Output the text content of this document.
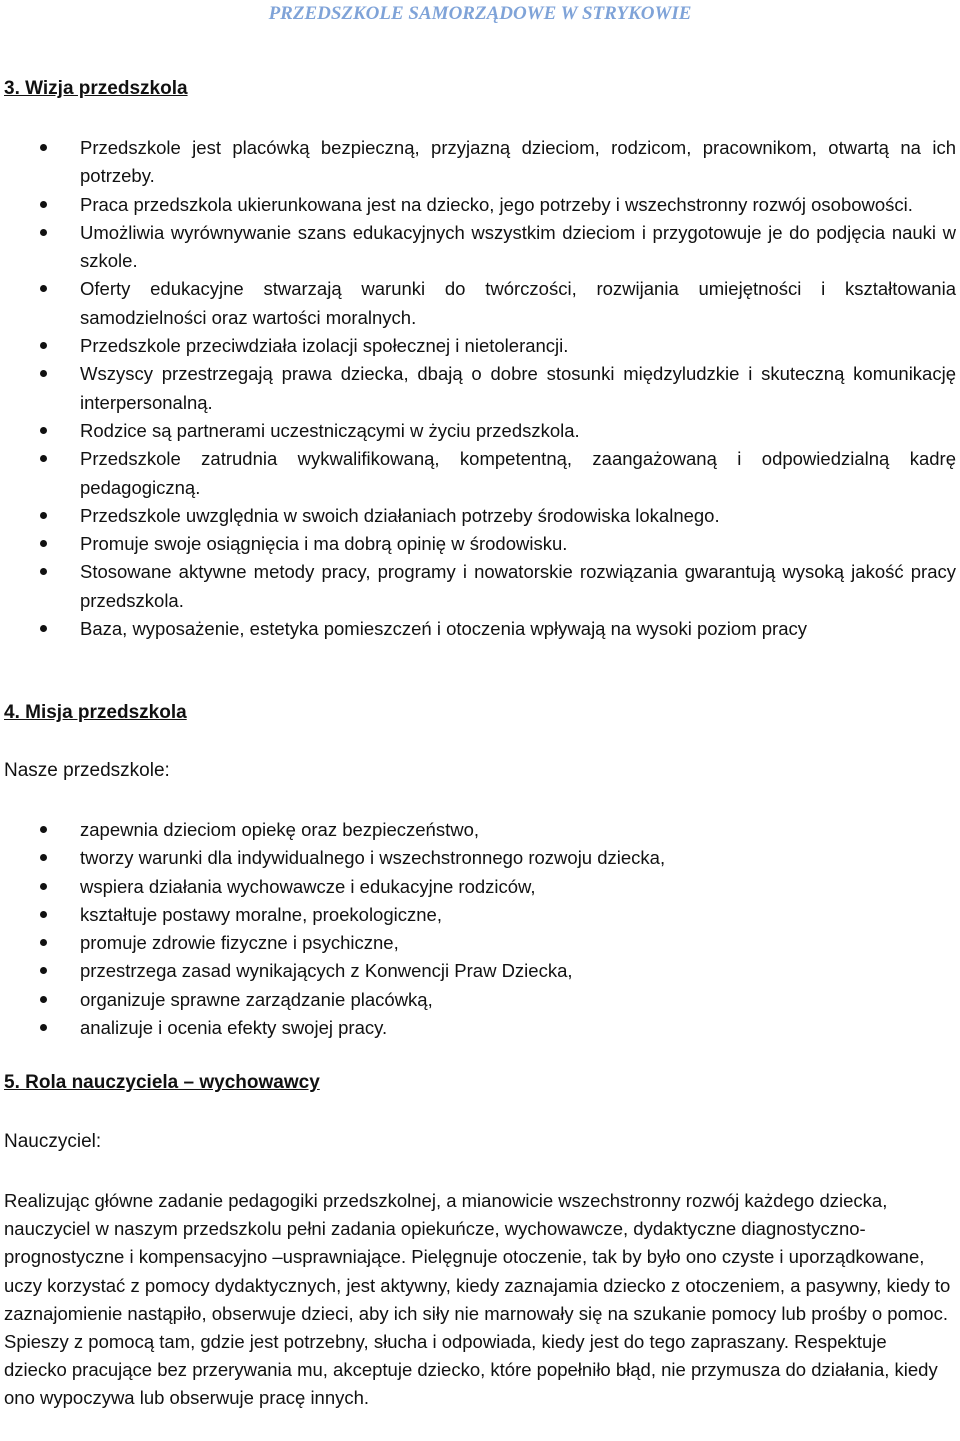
PRZEDSZKOLE SAMORZĄDOWE W STRYKOWIE
3. Wizja przedszkola
Przedszkole jest placówką bezpieczną, przyjazną dzieciom, rodzicom, pracownikom, otwartą na ich potrzeby.
Praca przedszkola ukierunkowana jest na dziecko, jego potrzeby i wszechstronny rozwój osobowości.
Umożliwia wyrównywanie szans edukacyjnych wszystkim dzieciom i przygotowuje je do podjęcia nauki w szkole.
Oferty edukacyjne stwarzają warunki do twórczości, rozwijania umiejętności i kształtowania samodzielności oraz wartości moralnych.
Przedszkole przeciwdziała izolacji społecznej i nietolerancji.
Wszyscy przestrzegają prawa dziecka, dbają o dobre stosunki międzyludzkie i skuteczną komunikację interpersonalną.
Rodzice są partnerami uczestniczącymi w życiu przedszkola.
Przedszkole zatrudnia wykwalifikowaną, kompetentną, zaangażowaną i odpowiedzialną kadrę pedagogiczną.
Przedszkole uwzględnia w swoich działaniach potrzeby środowiska lokalnego.
Promuje swoje osiągnięcia i ma dobrą opinię w środowisku.
Stosowane aktywne metody pracy, programy i nowatorskie rozwiązania gwarantują wysoką jakość pracy przedszkola.
Baza, wyposażenie, estetyka pomieszczeń i otoczenia wpływają na wysoki poziom pracy
4. Misja przedszkola
Nasze przedszkole:
zapewnia dzieciom opiekę oraz bezpieczeństwo,
tworzy warunki dla indywidualnego i wszechstronnego rozwoju dziecka,
wspiera działania wychowawcze i edukacyjne rodziców,
kształtuje postawy moralne, proekologiczne,
promuje zdrowie fizyczne i psychiczne,
przestrzega zasad wynikających z Konwencji Praw Dziecka,
organizuje sprawne zarządzanie placówką,
analizuje i ocenia efekty swojej pracy.
5. Rola nauczyciela – wychowawcy
Nauczyciel:
Realizując główne zadanie pedagogiki przedszkolnej, a mianowicie wszechstronny rozwój każdego dziecka, nauczyciel w naszym przedszkolu pełni zadania opiekuńcze, wychowawcze, dydaktyczne diagnostyczno-prognostyczne i kompensacyjno –usprawniające. Pielęgnuje otoczenie, tak by było ono czyste i uporządkowane, uczy korzystać z pomocy dydaktycznych, jest aktywny, kiedy zaznajamia dziecko z otoczeniem, a pasywny, kiedy to zaznajomienie nastąpiło, obserwuje dzieci, aby ich siły nie marnowały się na szukanie pomocy lub prośby o pomoc. Spieszy z pomocą tam, gdzie jest potrzebny, słucha i odpowiada, kiedy jest do tego zapraszany. Respektuje dziecko pracujące bez przerywania mu, akceptuje dziecko, które popełniło błąd, nie przymusza do działania, kiedy ono wypoczywa lub obserwuje pracę innych.
